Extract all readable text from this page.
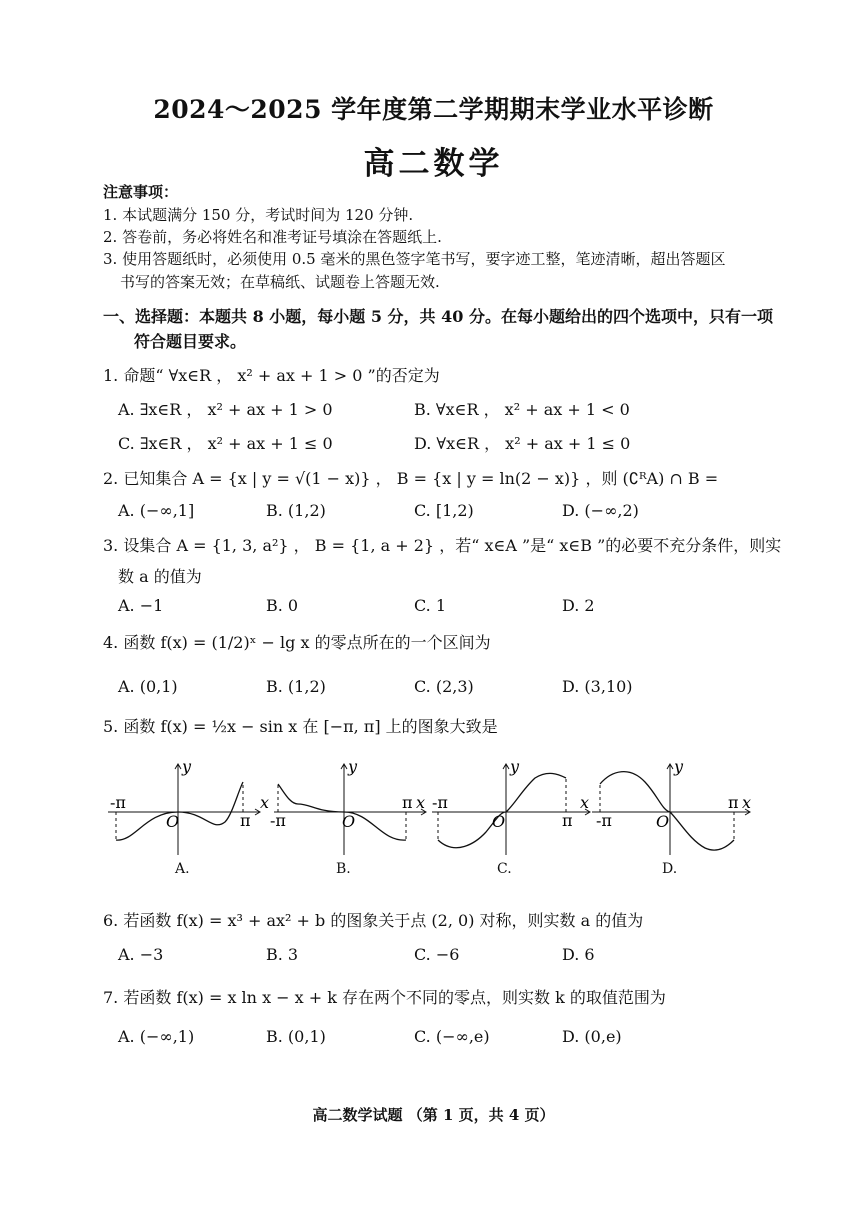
2024～2025 学年度第二学期期末学业水平诊断
高二数学
注意事项：
1. 本试题满分 150 分，考试时间为 120 分钟.
2. 答卷前，务必将姓名和准考证号填涂在答题纸上.
3. 使用答题纸时，必须使用 0.5 毫米的黑色签字笔书写，要字迹工整，笔迹清晰，超出答题区
书写的答案无效；在草稿纸、试题卷上答题无效.
一、选择题：本题共 8 小题，每小题 5 分，共 40 分。在每小题给出的四个选项中，只有一项
符合题目要求。
1. 命题“ ∀x∈R ， x² + ax + 1 > 0 ”的否定为
A. ∃x∈R ， x² + ax + 1 > 0	B. ∀x∈R ， x² + ax + 1 < 0
C. ∃x∈R ， x² + ax + 1 ≤ 0	D. ∀x∈R ， x² + ax + 1 ≤ 0
2. 已知集合 A = {x | y = √(1 − x)} ， B = {x | y = ln(2 − x)} ，则 (∁ᴿA) ∩ B =
A. (−∞,1]	B. (1,2)	C. [1,2)	D. (−∞,2)
3. 设集合 A = {1, 3, a²} ， B = {1, a + 2} ，若“ x∈A ”是“ x∈B ”的必要不充分条件，则实
数 a 的值为
A. −1	B. 0	C. 1	D. 2
4. 函数 f(x) = (1/2)ˣ − lg x 的零点所在的一个区间为
A. (0,1)	B. (1,2)	C. (2,3)	D. (3,10)
5. 函数 f(x) = ½x − sin x 在 [−π, π] 上的图象大致是
y
x
O
-π
π
A.
y
x
O
-π
π
B.
y
x
O
-π
π
C.
y
x
O
-π
π
D.
6. 若函数 f(x) = x³ + ax² + b 的图象关于点 (2, 0) 对称，则实数 a 的值为
A. −3	B. 3	C. −6	D. 6
7. 若函数 f(x) = x ln x − x + k 存在两个不同的零点，则实数 k 的取值范围为
A. (−∞,1)	B. (0,1)	C. (−∞,e)	D. (0,e)
高二数学试题 （第 1 页，共 4 页）
